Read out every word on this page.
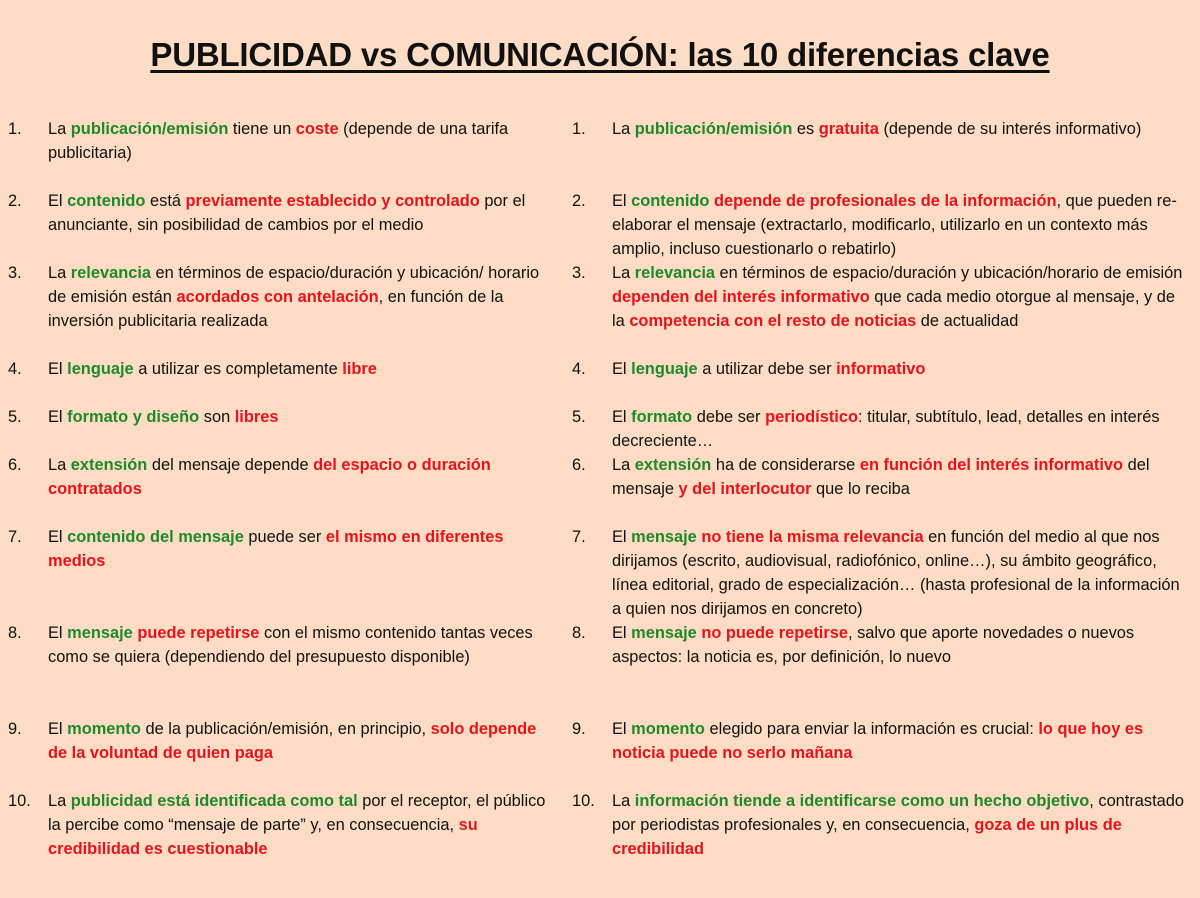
PUBLICIDAD vs COMUNICACIÓN: las 10 diferencias clave
1.	La publicación/emisión tiene un coste (depende de una tarifa publicitaria)
2.	El contenido está previamente establecido y controlado por el anunciante, sin posibilidad de cambios por el medio
3.	La relevancia en términos de espacio/duración y ubicación/ horario de emisión están acordados con antelación, en función de la inversión publicitaria realizada
4.	El lenguaje a utilizar es completamente libre
5.	El formato y diseño son libres
6.	La extensión del mensaje depende del espacio o duración contratados
7.	El contenido del mensaje puede ser el mismo en diferentes medios
8.	El mensaje puede repetirse con el mismo contenido tantas veces como se quiera (dependiendo del presupuesto disponible)
9.	El momento de la publicación/emisión, en principio, solo depende de la voluntad de quien paga
10.	La publicidad está identificada como tal por el receptor, el público la percibe como “mensaje de parte” y, en consecuencia, su credibilidad es cuestionable
1.	La publicación/emisión es gratuita (depende de su interés informativo)
2.	El contenido depende de profesionales de la información, que pueden re-elaborar el mensaje (extractarlo, modificarlo, utilizarlo en un contexto más amplio, incluso cuestionarlo o rebatirlo)
3.	La relevancia en términos de espacio/duración y ubicación/horario de emisión dependen del interés informativo que cada medio otorgue al mensaje, y de la competencia con el resto de noticias de actualidad
4.	El lenguaje a utilizar debe ser informativo
5.	El formato debe ser periodístico: titular, subtítulo, lead, detalles en interés decreciente…
6.	La extensión ha de considerarse en función del interés informativo del mensaje y del interlocutor que lo reciba
7.	El mensaje no tiene la misma relevancia en función del medio al que nos dirijamos (escrito, audiovisual, radiofónico, online…), su ámbito geográfico, línea editorial, grado de especialización… (hasta profesional de la información a quien nos dirijamos en concreto)
8.	El mensaje no puede repetirse, salvo que aporte novedades o nuevos aspectos: la noticia es, por definición, lo nuevo
9.	El momento elegido para enviar la información es crucial: lo que hoy es noticia puede no serlo mañana
10.	La información tiende a identificarse como un hecho objetivo, contrastado por periodistas profesionales y, en consecuencia, goza de un plus de credibilidad
